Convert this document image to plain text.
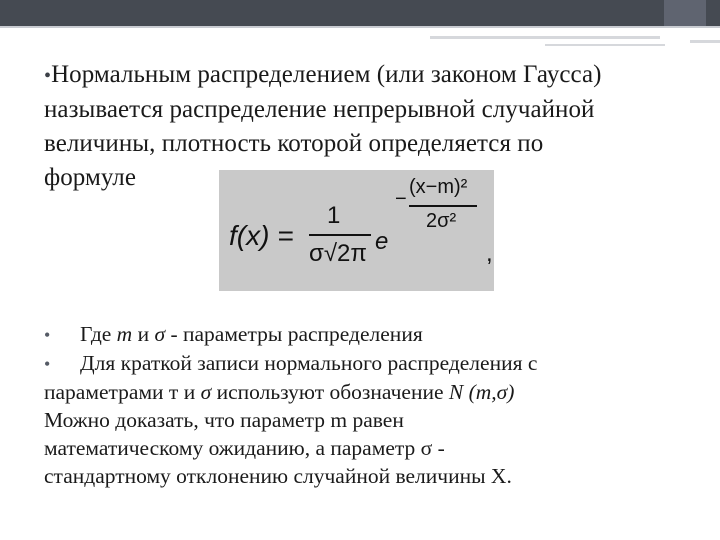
•Нормальным распределением (или законом Гаусса)
называется распределение непрерывной случайной
величины, плотность которой определяется по
формуле
f(x) =
1
σ√2π e
−
(x−m)²
2σ²
,
• Где m и σ - параметры распределения
• Для краткой записи нормального распределения с
параметрами т и σ используют обозначение N (m,σ)
Можно доказать, что параметр m равен
математическому ожиданию, а параметр σ -
стандартному отклонению случайной величины X.
